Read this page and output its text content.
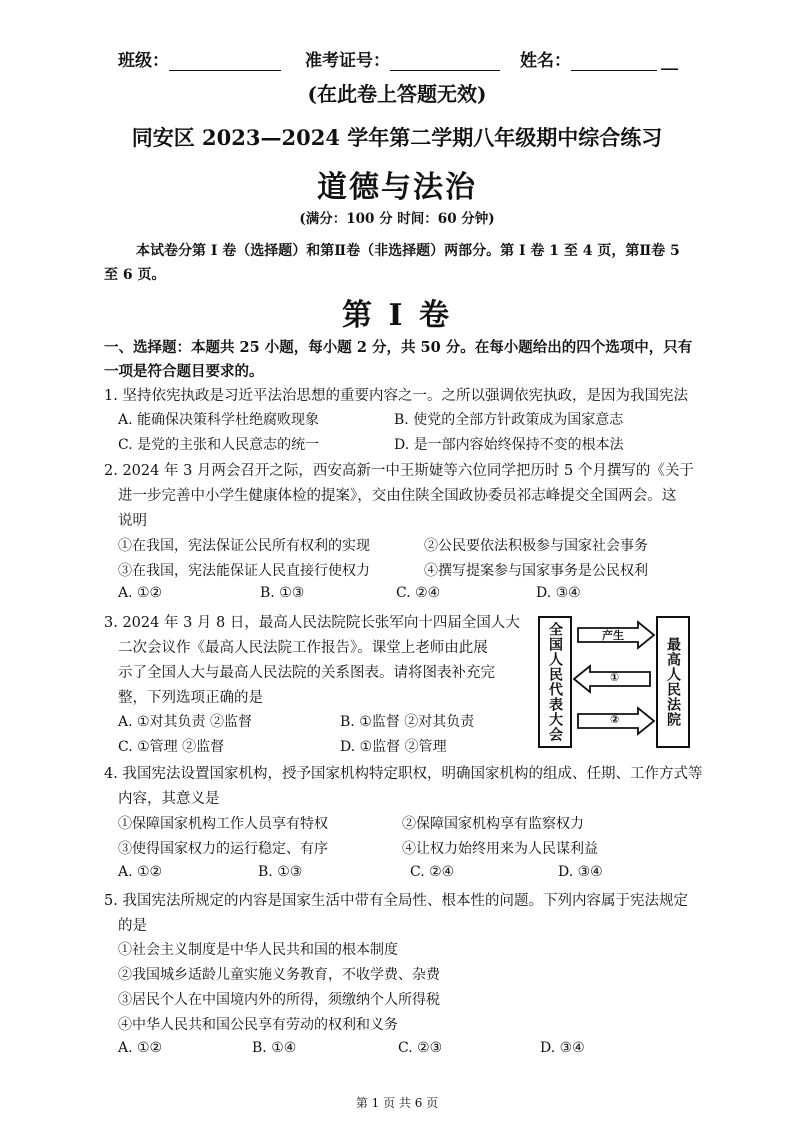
班级：	准考证号：	姓名：	__
(在此卷上答题无效)
同安区 2023—2024 学年第二学期八年级期中综合练习
道德与法治
(满分：100 分 时间：60 分钟)
本试卷分第 I 卷（选择题）和第Ⅱ卷（非选择题）两部分。第 I 卷 1 至 4 页，第Ⅱ卷 5
至 6 页。
第 I 卷
一、选择题：本题共 25 小题，每小题 2 分，共 50 分。在每小题给出的四个选项中，只有
一项是符合题目要求的。
1. 坚持依宪执政是习近平法治思想的重要内容之一。之所以强调依宪执政，是因为我国宪法
A. 能确保决策科学杜绝腐败现象	B. 使党的全部方针政策成为国家意志
C. 是党的主张和人民意志的统一	D. 是一部内容始终保持不变的根本法
2. 2024 年 3 月两会召开之际，西安高新一中王斯婕等六位同学把历时 5 个月撰写的《关于
进一步完善中小学生健康体检的提案》，交由住陕全国政协委员祁志峰提交全国两会。这
说明
①在我国，宪法保证公民所有权利的实现	②公民要依法积极参与国家社会事务
③在我国，宪法能保证人民直接行使权力	④撰写提案参与国家事务是公民权利
A. ①②	B. ①③	C. ②④	D. ③④
3. 2024 年 3 月 8 日，最高人民法院院长张军向十四届全国人大
二次会议作《最高人民法院工作报告》。课堂上老师由此展
示了全国人大与最高人民法院的关系图表。请将图表补充完
整，下列选项正确的是
A. ①对其负责 ②监督	B. ①监督 ②对其负责
C. ①管理 ②监督	D. ①监督 ②管理
全国人民代表大会	最高人民法院
产生
①
②
4. 我国宪法设置国家机构，授予国家机构特定职权，明确国家机构的组成、任期、工作方式等
内容，其意义是
①保障国家机构工作人员享有特权	②保障国家机构享有监察权力
③使得国家权力的运行稳定、有序	④让权力始终用来为人民谋利益
A. ①②	B. ①③	C. ②④	D. ③④
5. 我国宪法所规定的内容是国家生活中带有全局性、根本性的问题。下列内容属于宪法规定
的是
①社会主义制度是中华人民共和国的根本制度
②我国城乡适龄儿童实施义务教育，不收学费、杂费
③居民个人在中国境内外的所得，须缴纳个人所得税
④中华人民共和国公民享有劳动的权利和义务
A. ①②	B. ①④	C. ②③	D. ③④
第 1 页 共 6 页
